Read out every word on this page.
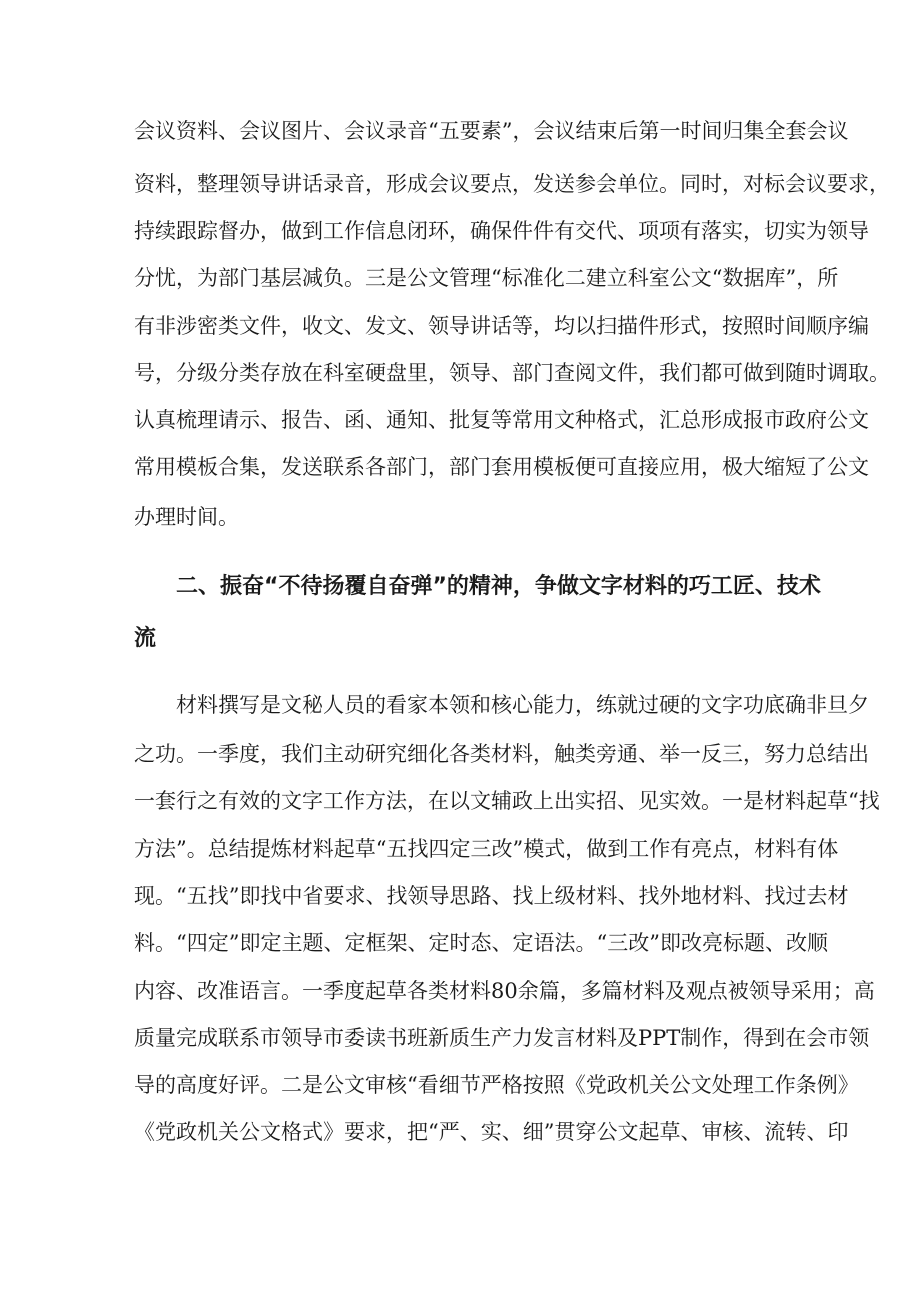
会议资料、会议图片、会议录音“五要素”，会议结束后第一时间归集全套会议
资料，整理领导讲话录音，形成会议要点，发送参会单位。同时，对标会议要求，
持续跟踪督办，做到工作信息闭环，确保件件有交代、项项有落实，切实为领导
分忧，为部门基层减负。三是公文管理“标准化二建立科室公文“数据库”，所
有非涉密类文件，收文、发文、领导讲话等，均以扫描件形式，按照时间顺序编
号，分级分类存放在科室硬盘里，领导、部门查阅文件，我们都可做到随时调取。
认真梳理请示、报告、函、通知、批复等常用文种格式，汇总形成报市政府公文
常用模板合集，发送联系各部门，部门套用模板便可直接应用，极大缩短了公文
办理时间。
二、振奋“不待扬覆自奋弹”的精神，争做文字材料的巧工匠、技术
流
材料撰写是文秘人员的看家本领和核心能力，练就过硬的文字功底确非旦夕
之功。一季度，我们主动研究细化各类材料，触类旁通、举一反三，努力总结出
一套行之有效的文字工作方法，在以文辅政上出实招、见实效。一是材料起草“找
方法”。总结提炼材料起草“五找四定三改”模式，做到工作有亮点，材料有体
现。“五找”即找中省要求、找领导思路、找上级材料、找外地材料、找过去材
料。“四定”即定主题、定框架、定时态、定语法。“三改”即改亮标题、改顺
内容、改准语言。一季度起草各类材料80余篇，多篇材料及观点被领导采用；高
质量完成联系市领导市委读书班新质生产力发言材料及PPT制作，得到在会市领
导的高度好评。二是公文审核“看细节严格按照《党政机关公文处理工作条例》
《党政机关公文格式》要求，把“严、实、细”贯穿公文起草、审核、流转、印
